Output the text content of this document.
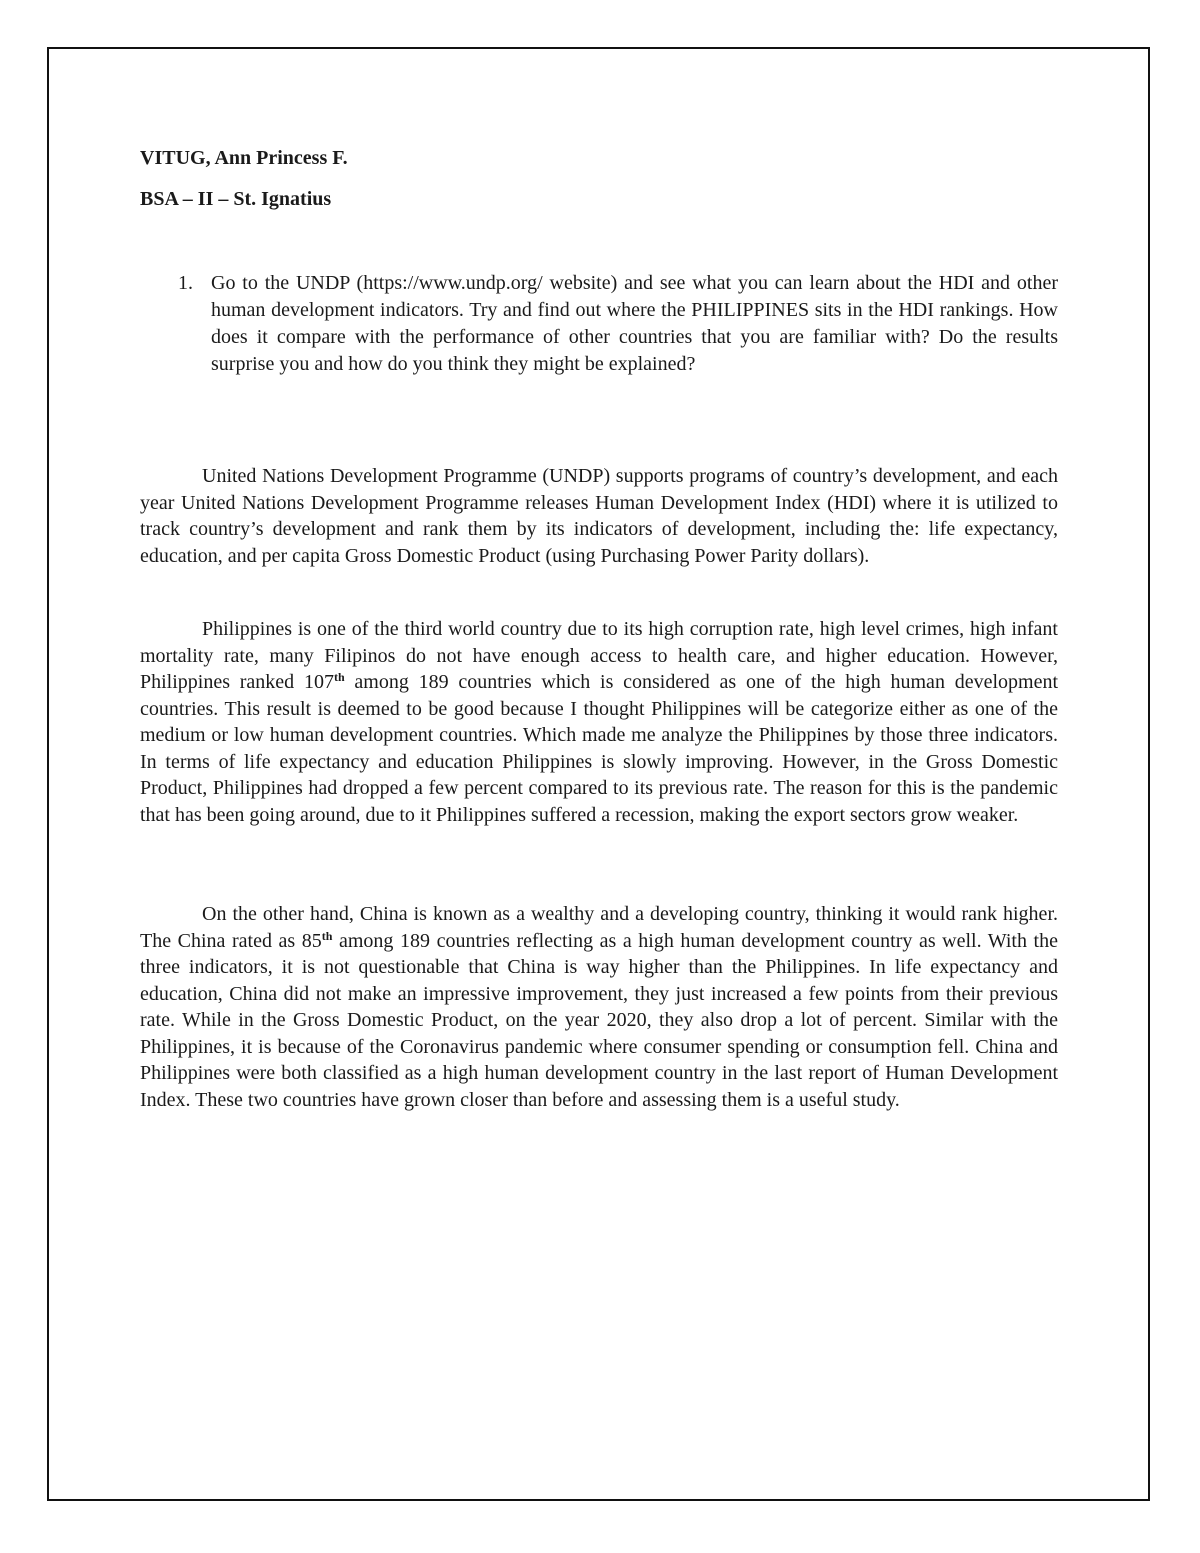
VITUG, Ann Princess F.
BSA – II – St. Ignatius
1. Go to the UNDP (https://www.undp.org/ website) and see what you can learn about the HDI and other human development indicators. Try and find out where the PHILIPPINES sits in the HDI rankings. How does it compare with the performance of other countries that you are familiar with? Do the results surprise you and how do you think they might be explained?

United Nations Development Programme (UNDP) supports programs of country’s development, and each year United Nations Development Programme releases Human Development Index (HDI) where it is utilized to track country’s development and rank them by its indicators of development, including the: life expectancy, education, and per capita Gross Domestic Product (using Purchasing Power Parity dollars).

Philippines is one of the third world country due to its high corruption rate, high level crimes, high infant mortality rate, many Filipinos do not have enough access to health care, and higher education. However, Philippines ranked 107th among 189 countries which is considered as one of the high human development countries. This result is deemed to be good because I thought Philippines will be categorize either as one of the medium or low human development countries. Which made me analyze the Philippines by those three indicators. In terms of life expectancy and education Philippines is slowly improving. However, in the Gross Domestic Product, Philippines had dropped a few percent compared to its previous rate. The reason for this is the pandemic that has been going around, due to it Philippines suffered a recession, making the export sectors grow weaker.

On the other hand, China is known as a wealthy and a developing country, thinking it would rank higher. The China rated as 85th among 189 countries reflecting as a high human development country as well. With the three indicators, it is not questionable that China is way higher than the Philippines. In life expectancy and education, China did not make an impressive improvement, they just increased a few points from their previous rate. While in the Gross Domestic Product, on the year 2020, they also drop a lot of percent. Similar with the Philippines, it is because of the Coronavirus pandemic where consumer spending or consumption fell. China and Philippines were both classified as a high human development country in the last report of Human Development Index. These two countries have grown closer than before and assessing them is a useful study.
